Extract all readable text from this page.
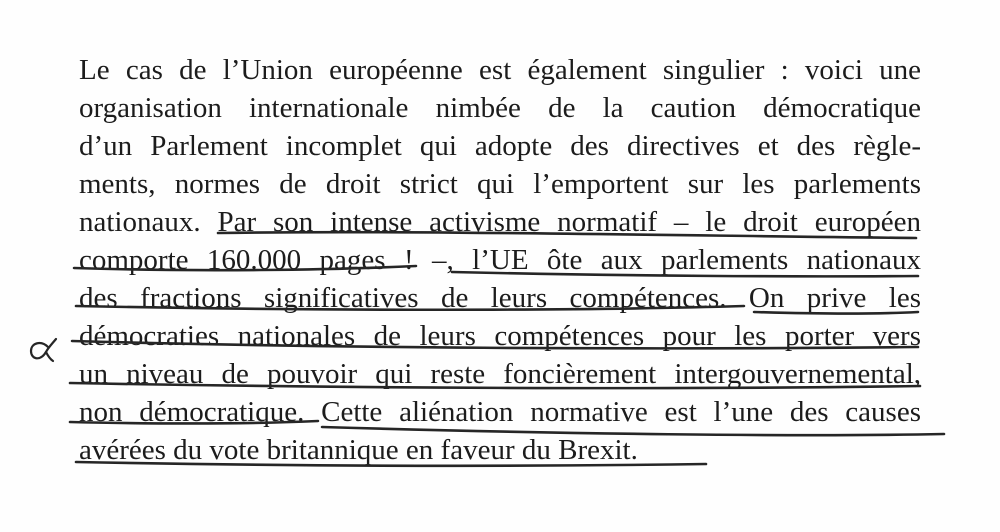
Le cas de l’Union européenne est également singulier : voici une
organisation internationale nimbée de la caution démocratique
d’un Parlement incomplet qui adopte des directives et des règle-
ments, normes de droit strict qui l’emportent sur les parlements
nationaux. Par son intense activisme normatif – le droit européen
comporte 160.000 pages ! –, l’UE ôte aux parlements nationaux
des fractions significatives de leurs compétences. On prive les
démocraties nationales de leurs compétences pour les porter vers
un niveau de pouvoir qui reste foncièrement intergouvernemental,
non démocratique. Cette aliénation normative est l’une des causes
avérées du vote britannique en faveur du Brexit.
